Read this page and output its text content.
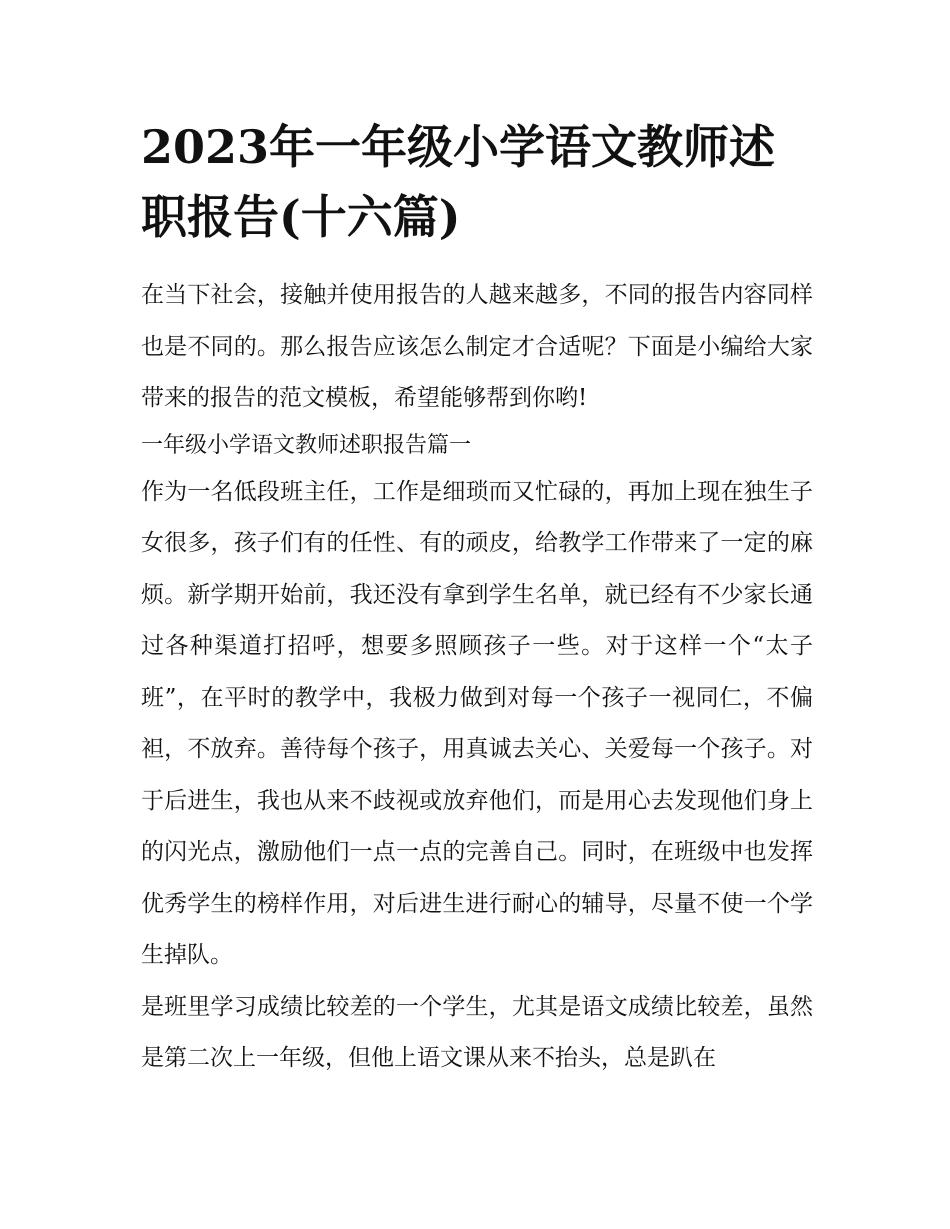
2023年一年级小学语文教师述职报告(十六篇)

在当下社会，接触并使用报告的人越来越多，不同的报告内容同样也是不同的。那么报告应该怎么制定才合适呢？下面是小编给大家带来的报告的范文模板，希望能够帮到你哟!

一年级小学语文教师述职报告篇一

作为一名低段班主任，工作是细琐而又忙碌的，再加上现在独生子女很多，孩子们有的任性、有的顽皮，给教学工作带来了一定的麻烦。新学期开始前，我还没有拿到学生名单，就已经有不少家长通过各种渠道打招呼，想要多照顾孩子一些。对于这样一个“太子班”，在平时的教学中，我极力做到对每一个孩子一视同仁，不偏袒，不放弃。善待每个孩子，用真诚去关心、关爱每一个孩子。对于后进生，我也从来不歧视或放弃他们，而是用心去发现他们身上的闪光点，激励他们一点一点的完善自己。同时，在班级中也发挥优秀学生的榜样作用，对后进生进行耐心的辅导，尽量不使一个学生掉队。

是班里学习成绩比较差的一个学生，尤其是语文成绩比较差，虽然是第二次上一年级，但他上语文课从来不抬头，总是趴在
